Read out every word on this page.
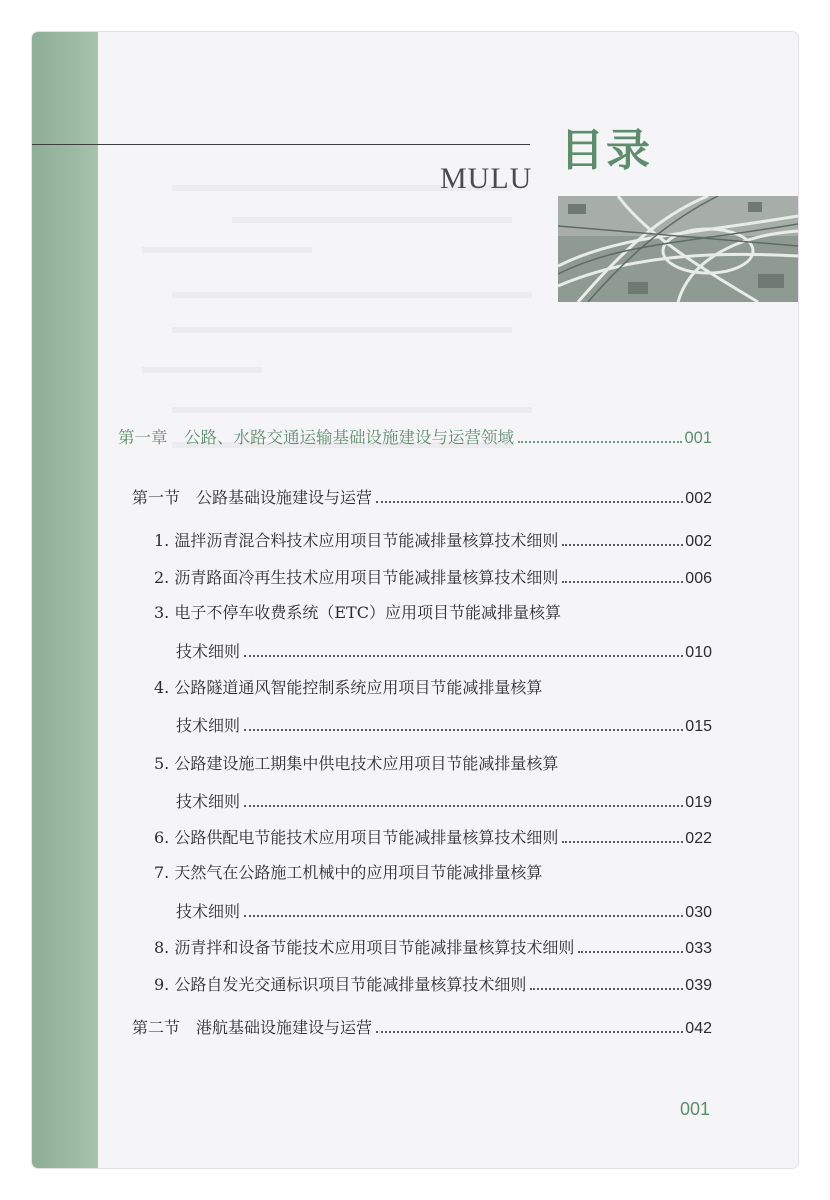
目录
MULU
第一章　公路、水路交通运输基础设施建设与运营领域	001
第一节　公路基础设施建设与运营	002
1. 温拌沥青混合料技术应用项目节能减排量核算技术细则	002
2. 沥青路面冷再生技术应用项目节能减排量核算技术细则	006
3. 电子不停车收费系统（ETC）应用项目节能减排量核算
技术细则	010
4. 公路隧道通风智能控制系统应用项目节能减排量核算
技术细则	015
5. 公路建设施工期集中供电技术应用项目节能减排量核算
技术细则	019
6. 公路供配电节能技术应用项目节能减排量核算技术细则	022
7. 天然气在公路施工机械中的应用项目节能减排量核算
技术细则	030
8. 沥青拌和设备节能技术应用项目节能减排量核算技术细则	033
9. 公路自发光交通标识项目节能减排量核算技术细则	039
第二节　港航基础设施建设与运营	042
001
